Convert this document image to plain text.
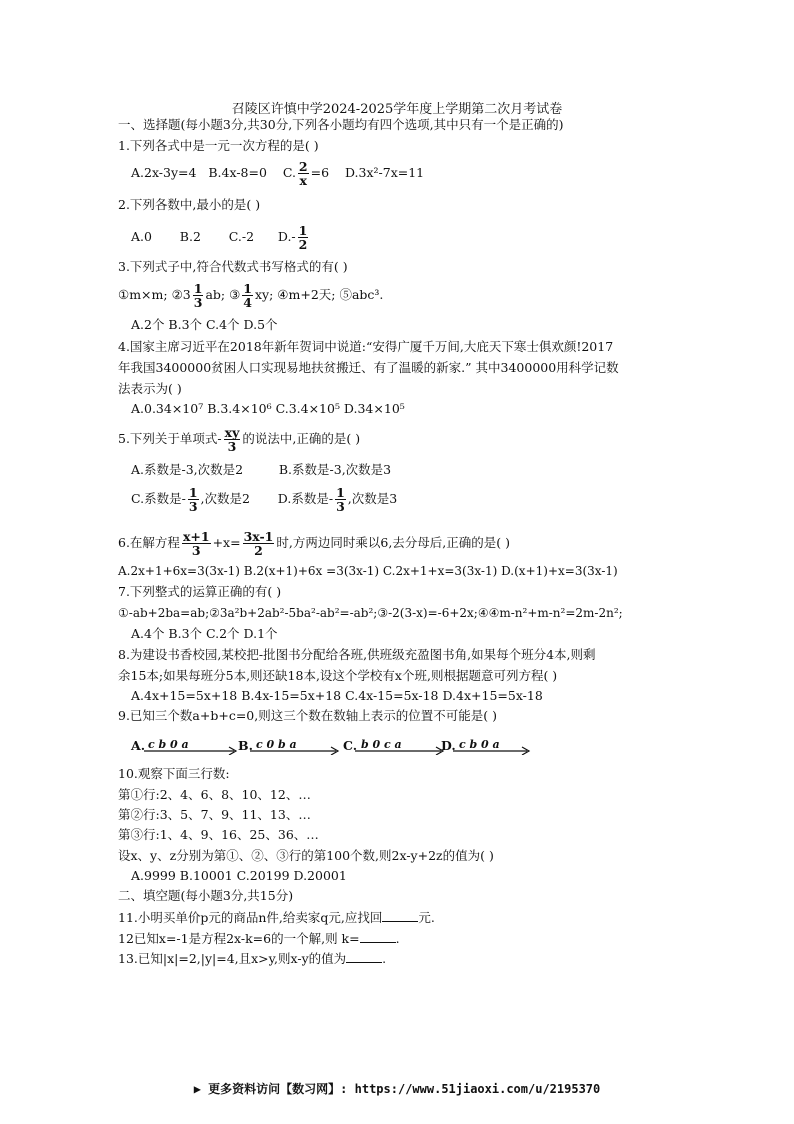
召陵区许慎中学2024-2025学年度上学期第二次月考试卷
一、选择题(每小题3分,共30分,下列各小题均有四个选项,其中只有一个是正确的)
1.下列各式中是一元一次方程的是( )
A.2x-3y=4 B.4x-8=0 C. $\frac{2}{x} =6$ D.3x²-7x=11
2.下列各数中,最小的是( )
A.0 B.2 C.-2 $D.- \frac{1}{2}$
3.下列式子中,符合代数式书写格式的有( )
①m×m; ②3 $\frac{1}{3}$ ab; ③ $\frac{1}{4}$ xy; ④m+2天; ⑤abc³.
A.2个 B.3个 C.4个 D.5个
4.国家主席习近平在2018年新年贺词中说道:“安得广厦千万间,大庇天下寒士俱欢颜!2017
年我国3400000贫困人口实现易地扶贫搬迁、有了温暖的新家.” 其中3400000用科学记数
法表示为( )
A.0.34×10⁷ B.3.4×10⁶ C.3.4×10⁵ D.34×10⁵
5.下列关于单项式- $\frac{xy}{3}$ 的说法中,正确的是( )
A.系数是-3,次数是2	B.系数是-3,次数是3
C.系数是- $\frac{1}{3}$ ,次数是2 D.系数是- $\frac{1}{3}$ ,次数是3
6.在解方程 $\frac{x+1}{3} +x= \frac{3x-1}{2}$ 时,方两边同时乘以6,去分母后,正确的是( )
A.2x+1+6x=3(3x-1) B.2(x+1)+6x =3(3x-1) C.2x+1+x=3(3x-1) D.(x+1)+x=3(3x-1)
7.下列整式的运算正确的有( )
①-ab+2ba=ab;②3a²b+2ab²-5ba²-ab²=-ab²;③-2(3-x)=-6+2x;④④m-n²+m-n²=2m-2n²;
A.4个 B.3个 C.2个 D.1个
8.为建设书香校园,某校把-批图书分配给各班,供班级充盈图书角,如果每个班分4本,则剩
余15本;如果每班分5本,则还缺18本,设这个学校有x个班,则根据题意可列方程( )
A.4x+15=5x+18 B.4x-15=5x+18 C.4x-15=5x-18 D.4x+15=5x-18
9.已知三个数a+b+c=0,则这三个数在数轴上表示的位置不可能是( )
A. c b 0 a	B. c 0 b a	C. b 0 c a	D. c b 0 a
10.观察下面三行数:
第①行:2、4、6、8、10、12、…
第②行:3、5、7、9、11、13、…
第③行:1、4、9、16、25、36、…
设x、y、z分别为第①、②、③行的第100个数,则2x-y+2z的值为( )
A.9999 B.10001 C.20199 D.20001
二、填空题(每小题3分,共15分)
11.小明买单价p元的商品n件,给卖家q元,应找回	元.
12已知x=-1是方程2x-k=6的一个解,则 k=	.
13.已知|x|=2,|y|=4,且x>y,则x-y的值为	.
▶ 更多资料访问【数习网】: https://www.51jiaoxi.com/u/2195370
